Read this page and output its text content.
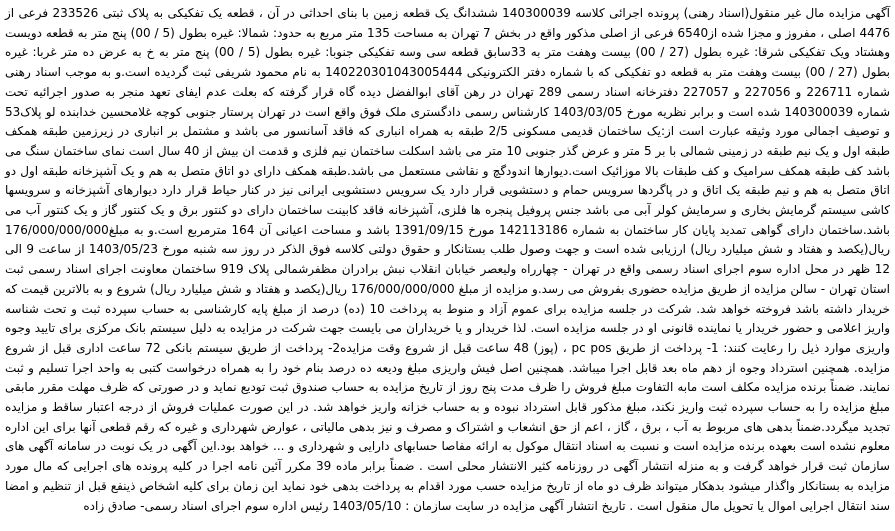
آگهی مزایده مال غیر منقول(اسناد رهنی) پرونده اجرائی کلاسه 140300039 ششدانگ یک قطعه زمین با بنای احداثی در آن ، قطعه یک تفکیکی به پلاک ثبتی 233526 فرعی از 4476 اصلی ، مفروز و مجزا شده از6540 فرعی از اصلی مذکور واقع در بخش 7 تهران به مساحت 135 متر مربع به حدود: شمالا: غیره بطول (5 / 00) پنج متر به قطعه دویست وهشتاد ویک تفکیکی شرقا: غیره بطول (27 / 00) بیست وهفت متر به 33سابق قطعه سی وسه تفکیکی جنوبا: غیره بطول (5 / 00) پنج متر به خ به عرض ده متر غربا: غیره بطول (27 / 00) بیست وهفت متر به قطعه دو تفکیکی که با شماره دفتر الکترونیکی 140220301043005444 به نام محمود شریفی ثبت گردیده است.و به موجب اسناد رهنی شماره 226711 و 227056 و 227057 دفترخانه اسناد رسمی 289 تهران در رهن آقای ابوالفضل دیده گاه قرار گرفته که بعلت عدم ایفای تعهد منجر به صدور اجرائیه تحت شماره 140300039 شده است و برابر نظریه مورخ 1403/03/05 کارشناس رسمی دادگستری ملک فوق واقع است در تهران پرستار جنوبی کوچه غلامحسین خدابنده لو پلاک53 و توصیف اجمالی مورد وثیقه عبارت است از:یک ساختمان قدیمی مسکونی 2/5 طبقه به همراه انباری که فاقد آسانسور می باشد و مشتمل بر انباری در زیرزمین طبقه همکف طبقه اول و یک نیم طبقه در زمینی شمالی با بر 5 متر و عرض گذر جنوبی 10 متر می باشد اسکلت ساختمان نیم فلزی و قدمت ان بیش از 40 سال است نمای ساختمان سنگ می باشد کف طبقه همکف سرامیک و کف طبقات بالا موزائیک است.دیوارها اندودگچ و نقاشی مستعمل می باشد.طبقه همکف دارای دو اتاق متصل به هم و یک آشپزخانه طبقه اول دو اتاق متصل به هم و نیم طبقه یک اتاق و در پاگردها سرویس حمام و دستشویی قرار دارد یک سرویس دستشویی ایرانی نیز در کنار حیاط قرار دارد دیوارهای آشپزخانه و سرویسها کاشی سیستم گرمایش بخاری و سرمایش کولر آبی می باشد جنس پروفیل پنجره ها فلزی، آشپزخانه فاقد کابینت ساختمان دارای دو کنتور برق و یک کنتور گاز و یک کنتور آب می باشد.ساختمان دارای گواهی تمدید پایان کار ساختمان به شماره 142113186 مورخ 1391/09/15 باشد و مساحت اعیانی آن 164 مترمربع است.و به مبلغ176/000/000/000 ریال(یکصد و هفتاد و شش میلیارد ریال) ارزیابی شده است و جهت وصول طلب بستانکار و حقوق دولتی کلاسه فوق الذکر در روز سه شنبه مورخ 1403/05/23 از ساعت 9 الی 12 ظهر در محل اداره سوم اجرای اسناد رسمی واقع در تهران - چهارراه ولیعصر خیابان انقلاب نبش برادران مظفرشمالی پلاک 919 ساختمان معاونت اجرای اسناد رسمی ثبت استان تهران - سالن مزایده از طریق مزایده حضوری بفروش می رسد.و مزایده از مبلغ 176/000/000/000 ریال(یکصد و هفتاد و شش میلیارد ریال) شروع و به بالاترین قیمت که خریدار داشته باشد فروخته خواهد شد. شرکت در جلسه مزایده برای عموم آزاد و منوط به پرداخت 10 (ده) درصد از مبلغ پایه کارشناسی به حساب سپرده ثبت و تحت شناسه واریز اعلامی و حضور خریدار یا نماینده قانونی او در جلسه مزایده است. لذا خریدار و یا خریداران می بایست جهت شرکت در مزایده به دلیل سیستم بانک مرکزی برای تایید وجوه واریزی موارد ذیل را رعایت کنند: 1- پرداخت از طریق pc pos ، (پوز) 48 ساعت قبل از شروع وقت مزایده2- پرداخت از طریق سیستم بانکی 72 ساعت اداری قبل از شروع مزایده. همچنین استرداد وجوه از دهم ماه بعد قابل اجرا میباشد. همچنین اصل فیش واریزی مبلغ ودیعه ده درصد بنام خود را به همراه درخواست کتبی به واحد اجرا تسلیم و ثبت نمایند. ضمناً برنده مزایده مکلف است مابه التفاوت مبلغ فروش را ظرف مدت پنج روز از تاریخ مزایده به حساب صندوق ثبت تودیع نماید و در صورتی که ظرف مهلت مقرر مابقی مبلغ مزایده را به حساب سپرده ثبت واریز نکند، مبلغ مذکور قابل استرداد نبوده و به حساب خزانه واریز خواهد شد. در این صورت عملیات فروش از درجه اعتبار ساقط و مزایده تجدید میگردد.ضمناً بدهی های مربوط به آب ، برق ، گاز ، اعم از حق انشعاب و اشتراک و مصرف و نیز بدهی مالیاتی ، عوارض شهرداری و غیره که رقم قطعی آنها برای این اداره معلوم نشده است بعهده برنده مزایده است و نسبت به اسناد انتقال موکول به ارائه مفاصا حسابهای دارایی و شهرداری و ... خواهد بود.این آگهی در یک نوبت در سامانه آگهی های سازمان ثبت قرار خواهد گرفت و به منزله انتشار آگهی در روزنامه کثیر الانتشار محلی است . ضمناً برابر ماده 39 مکرر آئین نامه اجرا در کلیه پرونده های اجرایی که مال مورد مزایده به بستانکار واگذار میشود بدهکار میتواند ظرف دو ماه از تاریخ مزایده حسب مورد اقدام به پرداخت بدهی خود نماید این زمان برای کلیه اشخاص ذینفع قبل از تنظیم و امضا سند انتقال اجرایی اموال یا تحویل مال منقول است . تاریخ انتشار آگهی مزایده در سایت سازمان : 1403/05/10 رئیس اداره سوم اجرای اسناد رسمی- صادق زاده
